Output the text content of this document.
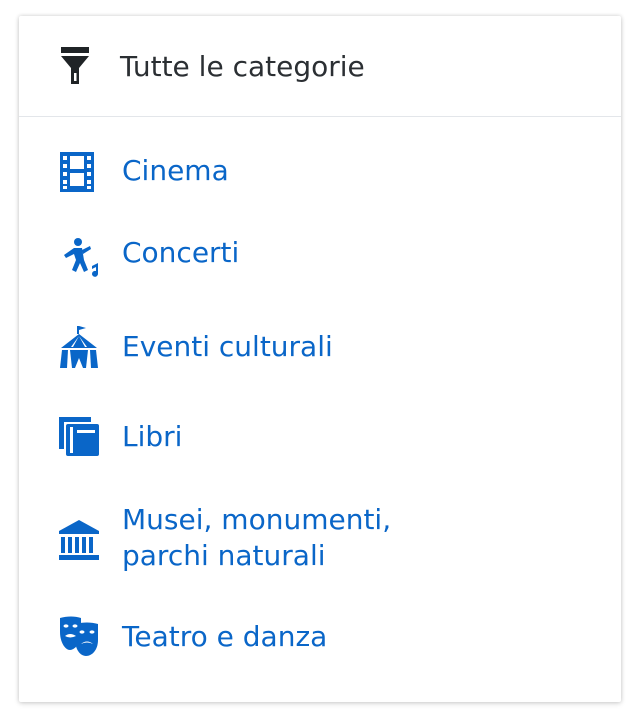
Tutte le categorie
Cinema
Concerti
Eventi culturali
Libri
Musei, monumenti,
parchi naturali
Teatro e danza
